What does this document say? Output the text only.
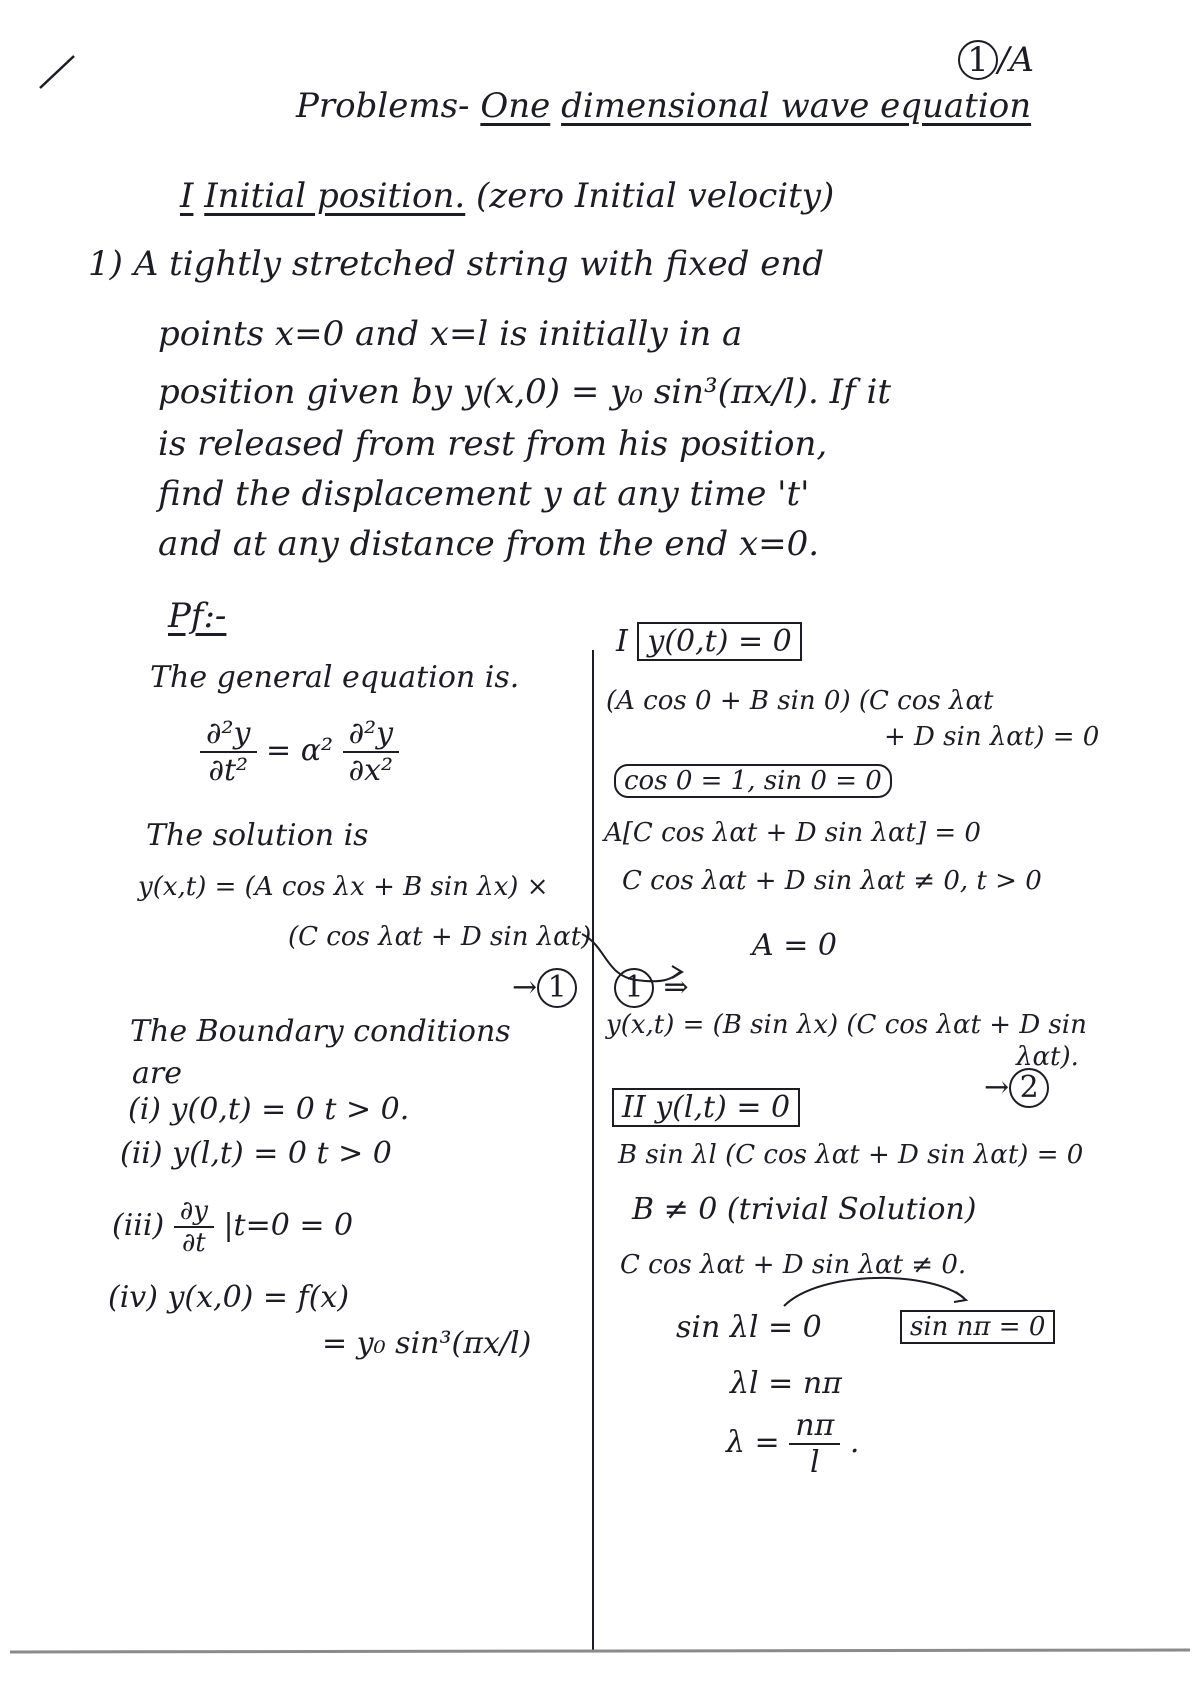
1 /A
Problems- One dimensional wave equation
I Initial position. (zero Initial velocity)
1) A tightly stretched string with fixed end
points x=0 and x=l is initially in a
position given by y(x,0) = y₀ sin³(πx/l). If it
is released from rest from his position,
find the displacement y at any time 't'
and at any distance from the end x=0.
Pf:-
The general equation is.
$\frac{\text{∂²y}}{\text{∂t²}} = \alpha^2 \frac{\text{∂²y}}{\text{∂x²}}$
The solution is
y(x,t) = (A cos λx + B sin λx) ×
(C cos λαt + D sin λαt)
→ 1
The Boundary conditions
are
(i) y(0,t) = 0 t > 0.
(ii) y(l,t) = 0 t > 0
$(iii) \frac{\partial y}{\partial t} |t=0 = 0$
(iv) y(x,0) = f(x)
= y₀ sin³(πx/l)
I y(0,t) = 0
(A cos 0 + B sin 0) (C cos λαt
+ D sin λαt) = 0
cos 0 = 1, sin 0 = 0
A[C cos λαt + D sin λαt] = 0
C cos λαt + D sin λαt ≠ 0, t > 0
A = 0
1 ⇒
y(x,t) = (B sin λx) (C cos λαt + D sin
λαt).
→ 2
II y(l,t) = 0
B sin λl (C cos λαt + D sin λαt) = 0
B ≠ 0 (trivial Solution)
C cos λαt + D sin λαt ≠ 0.
sin λl = 0	sin nπ = 0
λl = nπ
$\lambda = \frac{n\pi}{l}$ .
